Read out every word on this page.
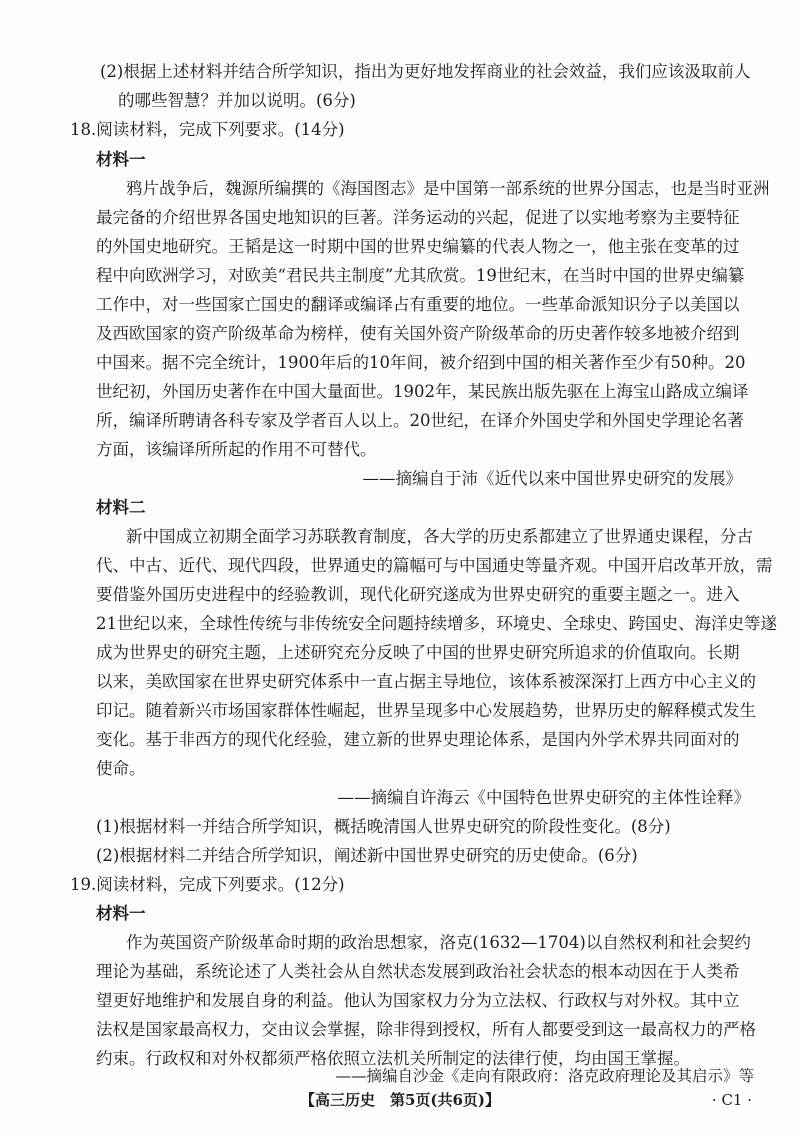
(2)根据上述材料并结合所学知识，指出为更好地发挥商业的社会效益，我们应该汲取前人
的哪些智慧？并加以说明。(6分)
18.阅读材料，完成下列要求。(14分)
材料一
鸦片战争后，魏源所编撰的《海国图志》是中国第一部系统的世界分国志，也是当时亚洲
最完备的介绍世界各国史地知识的巨著。洋务运动的兴起，促进了以实地考察为主要特征
的外国史地研究。王韬是这一时期中国的世界史编纂的代表人物之一，他主张在变革的过
程中向欧洲学习，对欧美“君民共主制度”尤其欣赏。19世纪末，在当时中国的世界史编纂
工作中，对一些国家亡国史的翻译或编译占有重要的地位。一些革命派知识分子以美国以
及西欧国家的资产阶级革命为榜样，使有关国外资产阶级革命的历史著作较多地被介绍到
中国来。据不完全统计，1900年后的10年间，被介绍到中国的相关著作至少有50种。20
世纪初，外国历史著作在中国大量面世。1902年，某民族出版先驱在上海宝山路成立编译
所，编译所聘请各科专家及学者百人以上。20世纪，在译介外国史学和外国史学理论名著
方面，该编译所所起的作用不可替代。
——摘编自于沛《近代以来中国世界史研究的发展》
材料二
新中国成立初期全面学习苏联教育制度，各大学的历史系都建立了世界通史课程，分古
代、中古、近代、现代四段，世界通史的篇幅可与中国通史等量齐观。中国开启改革开放，需
要借鉴外国历史进程中的经验教训，现代化研究遂成为世界史研究的重要主题之一。进入
21世纪以来，全球性传统与非传统安全问题持续增多，环境史、全球史、跨国史、海洋史等遂
成为世界史的研究主题，上述研究充分反映了中国的世界史研究所追求的价值取向。长期
以来，美欧国家在世界史研究体系中一直占据主导地位，该体系被深深打上西方中心主义的
印记。随着新兴市场国家群体性崛起，世界呈现多中心发展趋势，世界历史的解释模式发生
变化。基于非西方的现代化经验，建立新的世界史理论体系，是国内外学术界共同面对的
使命。
——摘编自许海云《中国特色世界史研究的主体性诠释》
(1)根据材料一并结合所学知识，概括晚清国人世界史研究的阶段性变化。(8分)
(2)根据材料二并结合所学知识，阐述新中国世界史研究的历史使命。(6分)
19.阅读材料，完成下列要求。(12分)
材料一
作为英国资产阶级革命时期的政治思想家，洛克(1632—1704)以自然权利和社会契约
理论为基础，系统论述了人类社会从自然状态发展到政治社会状态的根本动因在于人类希
望更好地维护和发展自身的利益。他认为国家权力分为立法权、行政权与对外权。其中立
法权是国家最高权力，交由议会掌握，除非得到授权，所有人都要受到这一最高权力的严格
约束。行政权和对外权都须严格依照立法机关所制定的法律行使，均由国王掌握。
——摘编自沙金《走向有限政府：洛克政府理论及其启示》等
【高三历史　第5页(共6页)】	· C1 ·
